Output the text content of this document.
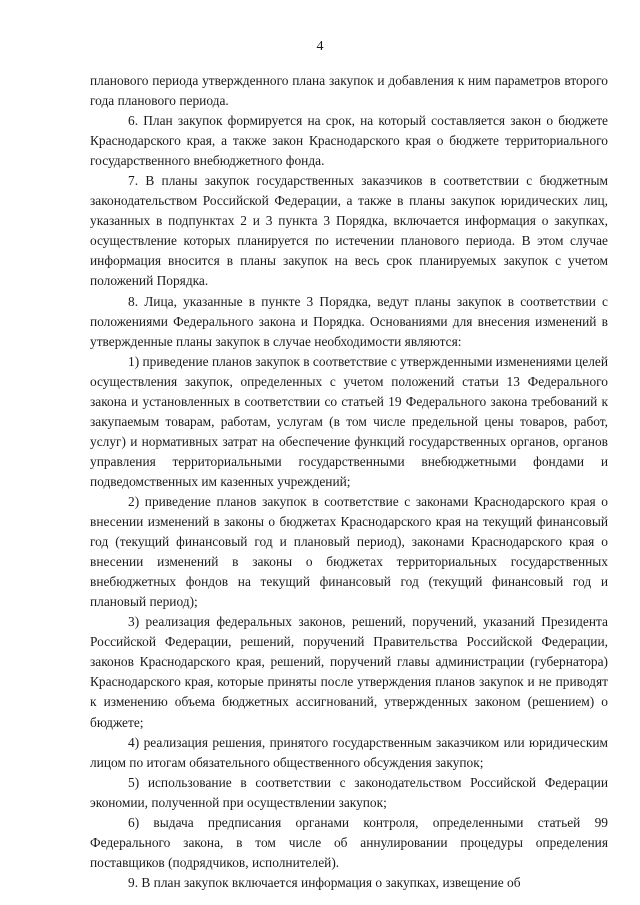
4

планового периода утвержденного плана закупок и добавления к ним параметров второго года планового периода.

6. План закупок формируется на срок, на который составляется закон о бюджете Краснодарского края, а также закон Краснодарского края о бюджете территориального государственного внебюджетного фонда.

7. В планы закупок государственных заказчиков в соответствии с бюджетным законодательством Российской Федерации, а также в планы закупок юридических лиц, указанных в подпунктах 2 и 3 пункта 3 Порядка, включается информация о закупках, осуществление которых планируется по истечении планового периода. В этом случае информация вносится в планы закупок на весь срок планируемых закупок с учетом положений Порядка.

8. Лица, указанные в пункте 3 Порядка, ведут планы закупок в соответствии с положениями Федерального закона и Порядка. Основаниями для внесения изменений в утвержденные планы закупок в случае необходимости являются:

1) приведение планов закупок в соответствие с утвержденными изменениями целей осуществления закупок, определенных с учетом положений статьи 13 Федерального закона и установленных в соответствии со статьей 19 Федерального закона требований к закупаемым товарам, работам, услугам (в том числе предельной цены товаров, работ, услуг) и нормативных затрат на обеспечение функций государственных органов, органов управления территориальными государственными внебюджетными фондами и подведомственных им казенных учреждений;

2) приведение планов закупок в соответствие с законами Краснодарского края о внесении изменений в законы о бюджетах Краснодарского края на текущий финансовый год (текущий финансовый год и плановый период), законами Краснодарского края о внесении изменений в законы о бюджетах территориальных государственных внебюджетных фондов на текущий финансовый год (текущий финансовый год и плановый период);

3) реализация федеральных законов, решений, поручений, указаний Президента Российской Федерации, решений, поручений Правительства Российской Федерации, законов Краснодарского края, решений, поручений главы администрации (губернатора) Краснодарского края, которые приняты после утверждения планов закупок и не приводят к изменению объема бюджетных ассигнований, утвержденных законом (решением) о бюджете;

4) реализация решения, принятого государственным заказчиком или юридическим лицом по итогам обязательного общественного обсуждения закупок;

5) использование в соответствии с законодательством Российской Федерации экономии, полученной при осуществлении закупок;

6) выдача предписания органами контроля, определенными статьей 99 Федерального закона, в том числе об аннулировании процедуры определения поставщиков (подрядчиков, исполнителей).

9. В план закупок включается информация о закупках, извещение об
